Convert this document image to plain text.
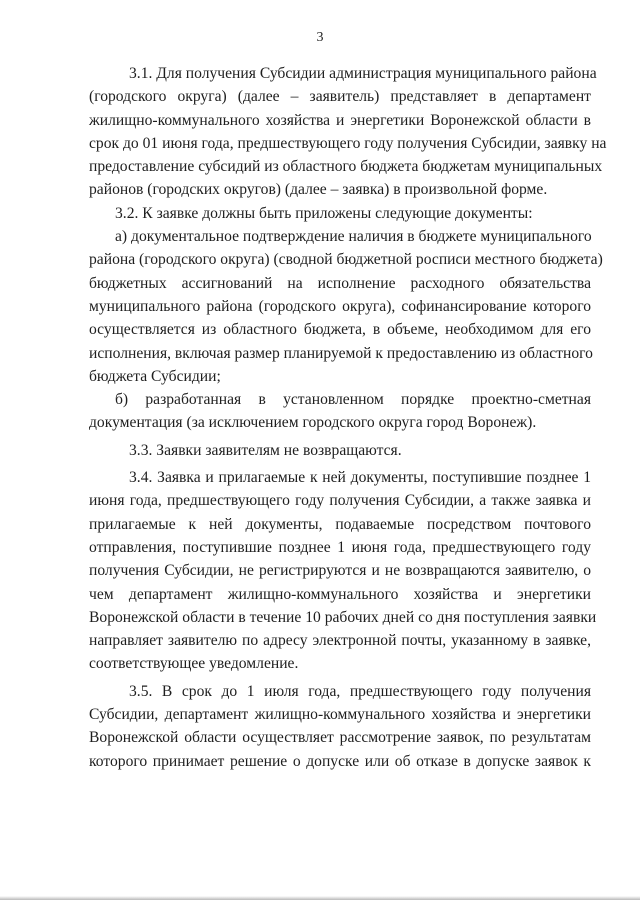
3
3.1. Для получения Субсидии администрация муниципального района
(городского округа) (далее – заявитель) представляет в департамент
жилищно-коммунального хозяйства и энергетики Воронежской области в
срок до 01 июня года, предшествующего году получения Субсидии, заявку на
предоставление субсидий из областного бюджета бюджетам муниципальных
районов (городских округов) (далее – заявка) в произвольной форме.
3.2. К заявке должны быть приложены следующие документы:
а) документальное подтверждение наличия в бюджете муниципального
района (городского округа) (сводной бюджетной росписи местного бюджета)
бюджетных ассигнований на исполнение расходного обязательства
муниципального района (городского округа), софинансирование которого
осуществляется из областного бюджета, в объеме, необходимом для его
исполнения, включая размер планируемой к предоставлению из областного
бюджета Субсидии;
б) разработанная в установленном порядке проектно-сметная
документация (за исключением городского округа город Воронеж).
3.3. Заявки заявителям не возвращаются.
3.4. Заявка и прилагаемые к ней документы, поступившие позднее 1
июня года, предшествующего году получения Субсидии, а также заявка и
прилагаемые к ней документы, подаваемые посредством почтового
отправления, поступившие позднее 1 июня года, предшествующего году
получения Субсидии, не регистрируются и не возвращаются заявителю, о
чем департамент жилищно-коммунального хозяйства и энергетики
Воронежской области в течение 10 рабочих дней со дня поступления заявки
направляет заявителю по адресу электронной почты, указанному в заявке,
соответствующее уведомление.
3.5. В срок до 1 июля года, предшествующего году получения
Субсидии, департамент жилищно-коммунального хозяйства и энергетики
Воронежской области осуществляет рассмотрение заявок, по результатам
которого принимает решение о допуске или об отказе в допуске заявок к
